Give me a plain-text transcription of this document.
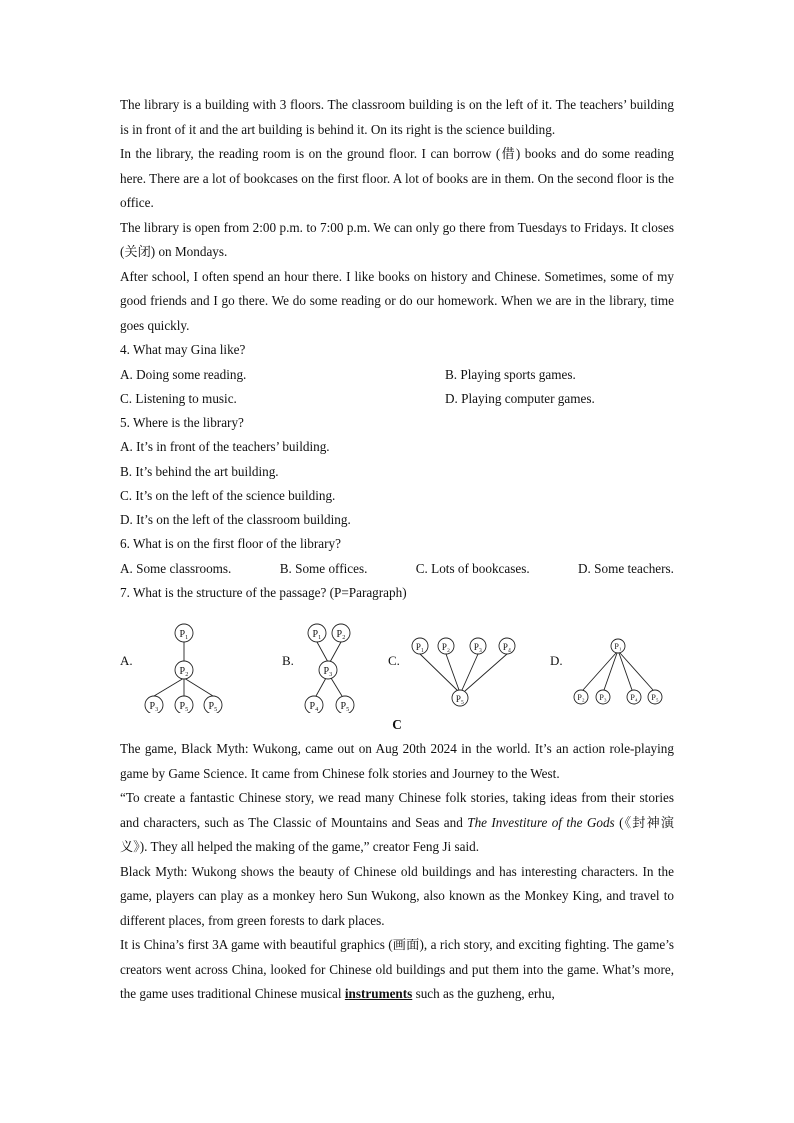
The library is a building with 3 floors. The classroom building is on the left of it. The teachers’ building is in front of it and the art building is behind it. On its right is the science building.

In the library, the reading room is on the ground floor. I can borrow (借) books and do some reading here. There are a lot of bookcases on the first floor. A lot of books are in them. On the second floor is the office.

The library is open from 2:00 p.m. to 7:00 p.m. We can only go there from Tuesdays to Fridays. It closes (关闭) on Mondays.

After school, I often spend an hour there. I like books on history and Chinese. Sometimes, some of my good friends and I go there. We do some reading or do our homework. When we are in the library, time goes quickly.

4. What may Gina like?

A. Doing some reading.	B. Playing sports games.
C. Listening to music.	D. Playing computer games.

5. Where is the library?

A. It’s in front of the teachers’ building.
B. It’s behind the art building.
C. It’s on the left of the science building.
D. It’s on the left of the classroom building.

6. What is on the first floor of the library?

A. Some classrooms.	B. Some offices.	C. Lots of bookcases.	D. Some teachers.

7. What is the structure of the passage? (P=Paragraph)

A.	B.	C.	D.
P₁
P₂
P₃ P₅ P₅
P₁ P₂
P₃
P₄ P₅
P₁ P₂	P₃ P₄
P₅
P₁
P₂ P₃	P₄ P₅
C

The game, Black Myth: Wukong, came out on Aug 20th 2024 in the world. It’s an action role-playing game by Game Science. It came from Chinese folk stories and Journey to the West.

“To create a fantastic Chinese story, we read many Chinese folk stories, taking ideas from their stories and characters, such as The Classic of Mountains and Seas and The Investiture of the Gods (《封神演义》). They all helped the making of the game,” creator Feng Ji said.

Black Myth: Wukong shows the beauty of Chinese old buildings and has interesting characters. In the game, players can play as a monkey hero Sun Wukong, also known as the Monkey King, and travel to different places, from green forests to dark places.

It is China’s first 3A game with beautiful graphics (画面), a rich story, and exciting fighting. The game’s creators went across China, looked for Chinese old buildings and put them into the game. What’s more, the game uses traditional Chinese musical instruments such as the guzheng, erhu,
